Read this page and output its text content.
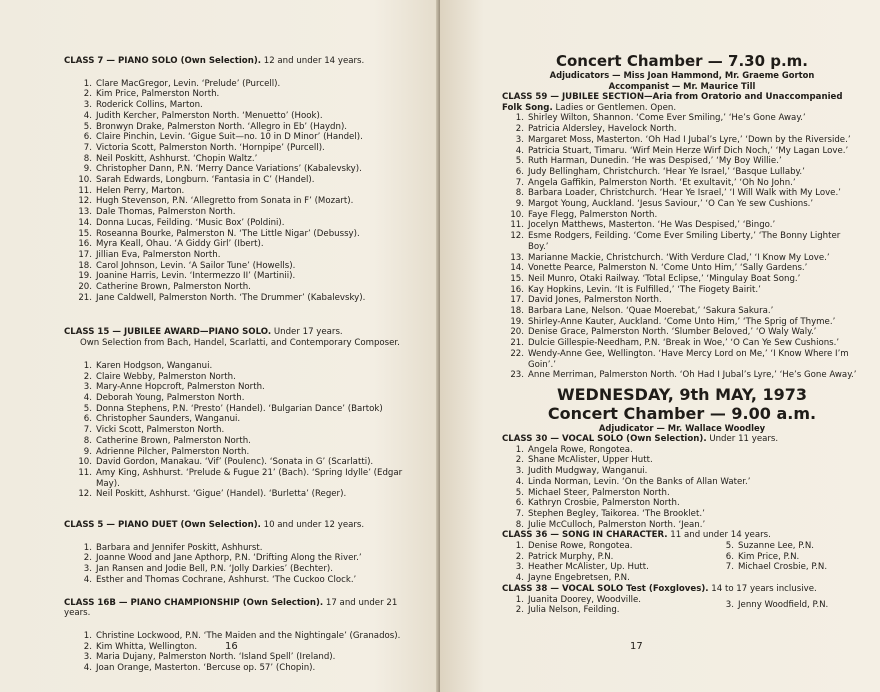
CLASS 7 — PIANO SOLO (Own Selection). 12 and under 14 years.

1. Clare MacGregor, Levin. ‘Prelude’ (Purcell).
2. Kim Price, Palmerston North.
3. Roderick Collins, Marton.
4. Judith Kercher, Palmerston North. ‘Menuetto’ (Hook).
5. Bronwyn Drake, Palmerston North. ‘Allegro in Eb’ (Haydn).
6. Claire Pinchin, Levin. ‘Gigue Suit—no. 10 in D Minor’ (Handel).
7. Victoria Scott, Palmerston North. ‘Hornpipe’ (Purcell).
8. Neil Poskitt, Ashhurst. ‘Chopin Waltz.’
9. Christopher Dann, P.N. ‘Merry Dance Variations’ (Kabalevsky).
10. Sarah Edwards, Longburn. ‘Fantasia in C’ (Handel).
11. Helen Perry, Marton.
12. Hugh Stevenson, P.N. ‘Allegretto from Sonata in F’ (Mozart).
13. Dale Thomas, Palmerston North.
14. Donna Lucas, Feilding. ‘Music Box’ (Poldini).
15. Roseanna Bourke, Palmerston N. ‘The Little Nigar’ (Debussy).
16. Myra Keall, Ohau. ‘A Giddy Girl’ (Ibert).
17. Jillian Eva, Palmerston North.
18. Carol Johnson, Levin. ‘A Sailor Tune’ (Howells).
19. Joanine Harris, Levin. ‘Intermezzo II’ (Martinii).
20. Catherine Brown, Palmerston North.
21. Jane Caldwell, Palmerston North. ‘The Drummer’ (Kabalevsky).

CLASS 15 — JUBILEE AWARD—PIANO SOLO. Under 17 years.

Own Selection from Bach, Handel, Scarlatti, and Contemporary Composer.

1. Karen Hodgson, Wanganui.
2. Claire Webby, Palmerston North.
3. Mary-Anne Hopcroft, Palmerston North.
4. Deborah Young, Palmerston North.
5. Donna Stephens, P.N. ‘Presto’ (Handel). ‘Bulgarian Dance’ (Bartok)
6. Christopher Saunders, Wanganui.
7. Vicki Scott, Palmerston North.
8. Catherine Brown, Palmerston North.
9. Adrienne Pilcher, Palmerston North.
10. David Gordon, Manakau. ‘Vif’ (Poulenc). ‘Sonata in G’ (Scarlatti).
11. Amy King, Ashhurst. ‘Prelude & Fugue 21’ (Bach). ‘Spring Idylle’ (Edgar May).
12. Neil Poskitt, Ashhurst. ‘Gigue’ (Handel). ‘Burletta’ (Reger).

CLASS 5 — PIANO DUET (Own Selection). 10 and under 12 years.

1. Barbara and Jennifer Poskitt, Ashhurst.
2. Joanne Wood and Jane Apthorp, P.N. ‘Drifting Along the River.’
3. Jan Ransen and Jodie Bell, P.N. ‘Jolly Darkies’ (Bechter).
4. Esther and Thomas Cochrane, Ashhurst. ‘The Cuckoo Clock.’

CLASS 16B — PIANO CHAMPIONSHIP (Own Selection). 17 and under 21 years.

1. Christine Lockwood, P.N. ‘The Maiden and the Nightingale’ (Granados).
2. Kim Whitta, Wellington.
3. Maria Dujany, Palmerston North. ‘Island Spell’ (Ireland).
4. Joan Orange, Masterton. ‘Bercuse op. 57’ (Chopin).
16

Concert Chamber — 7.30 p.m.

Adjudicators — Miss Joan Hammond, Mr. Graeme Gorton

Accompanist — Mr. Maurice Till

CLASS 59 — JUBILEE SECTION—Aria from Oratorio and Unaccompanied Folk Song. Ladies or Gentlemen. Open.

1. Shirley Wilton, Shannon. ‘Come Ever Smiling,’ ‘He’s Gone Away.’
2. Patricia Aldersley, Havelock North.
3. Margaret Moss, Masterton. ‘Oh Had I Jubal’s Lyre,’ ‘Down by the Riverside.’
4. Patricia Stuart, Timaru. ‘Wirf Mein Herze Wirf Dich Noch,’ ‘My Lagan Love.’
5. Ruth Harman, Dunedin. ‘He was Despised,’ ‘My Boy Willie.’
6. Judy Bellingham, Christchurch. ‘Hear Ye Israel,’ ‘Basque Lullaby.’
7. Angela Gaffikin, Palmerston North. ‘Et exultavit,’ ‘Oh No John.’
8. Barbara Loader, Christchurch. ‘Hear Ye Israel,’ ‘I Will Walk with My Love.’
9. Margot Young, Auckland. ‘Jesus Saviour,’ ‘O Can Ye sew Cushions.’
10. Faye Flegg, Palmerston North.
11. Jocelyn Matthews, Masterton. ‘He Was Despised,’ ‘Bingo.’
12. Esme Rodgers, Feilding. ‘Come Ever Smiling Liberty,’ ‘The Bonny Lighter Boy.’
13. Marianne Mackie, Christchurch. ‘With Verdure Clad,’ ‘I Know My Love.’
14. Vonette Pearce, Palmerston N. ‘Come Unto Him,’ ‘Sally Gardens.’
15. Neil Munro, Otaki Railway. ‘Total Eclipse,’ ‘Mingulay Boat Song.’
16. Kay Hopkins, Levin. ‘It is Fulfilled,’ ‘The Fiogety Bairit.’
17. David Jones, Palmerston North.
18. Barbara Lane, Nelson. ‘Quae Moerebat,’ ‘Sakura Sakura.’
19. Shirley-Anne Kauter, Auckland. ‘Come Unto Him,’ ‘The Sprig of Thyme.’
20. Denise Grace, Palmerston North. ‘Slumber Beloved,’ ‘O Waly Waly.’
21. Dulcie Gillespie-Needham, P.N. ‘Break in Woe,’ ‘O Can Ye Sew Cushions.’
22. Wendy-Anne Gee, Wellington. ‘Have Mercy Lord on Me,’ ‘I Know Where I’m Goin’.’
23. Anne Merriman, Palmerston North. ‘Oh Had I Jubal’s Lyre,’ ‘He’s Gone Away.’

WEDNESDAY, 9th MAY, 1973

Concert Chamber — 9.00 a.m.

Adjudicator — Mr. Wallace Woodley

CLASS 30 — VOCAL SOLO (Own Selection). Under 11 years.

1. Angela Rowe, Rongotea.
2. Shane McAlister, Upper Hutt.
3. Judith Mudgway, Wanganui.
4. Linda Norman, Levin. ‘On the Banks of Allan Water.’
5. Michael Steer, Palmerston North.
6. Kathryn Crosbie, Palmerston North.
7. Stephen Begley, Taikorea. ‘The Brooklet.’
8. Julie McCulloch, Palmerston North. ‘Jean.’

CLASS 36 — SONG IN CHARACTER. 11 and under 14 years.

1. Denise Rowe, Rongotea.
2. Patrick Murphy, P.N.
3. Heather McAlister, Up. Hutt.
4. Jayne Engebretsen, P.N.
5. Suzanne Lee, P.N.
6. Kim Price, P.N.
7. Michael Crosbie, P.N.

CLASS 38 — VOCAL SOLO Test (Foxgloves). 14 to 17 years inclusive.

1. Juanita Doorey, Woodville.
2. Julia Nelson, Feilding.
3. Jenny Woodfield, P.N.
17
